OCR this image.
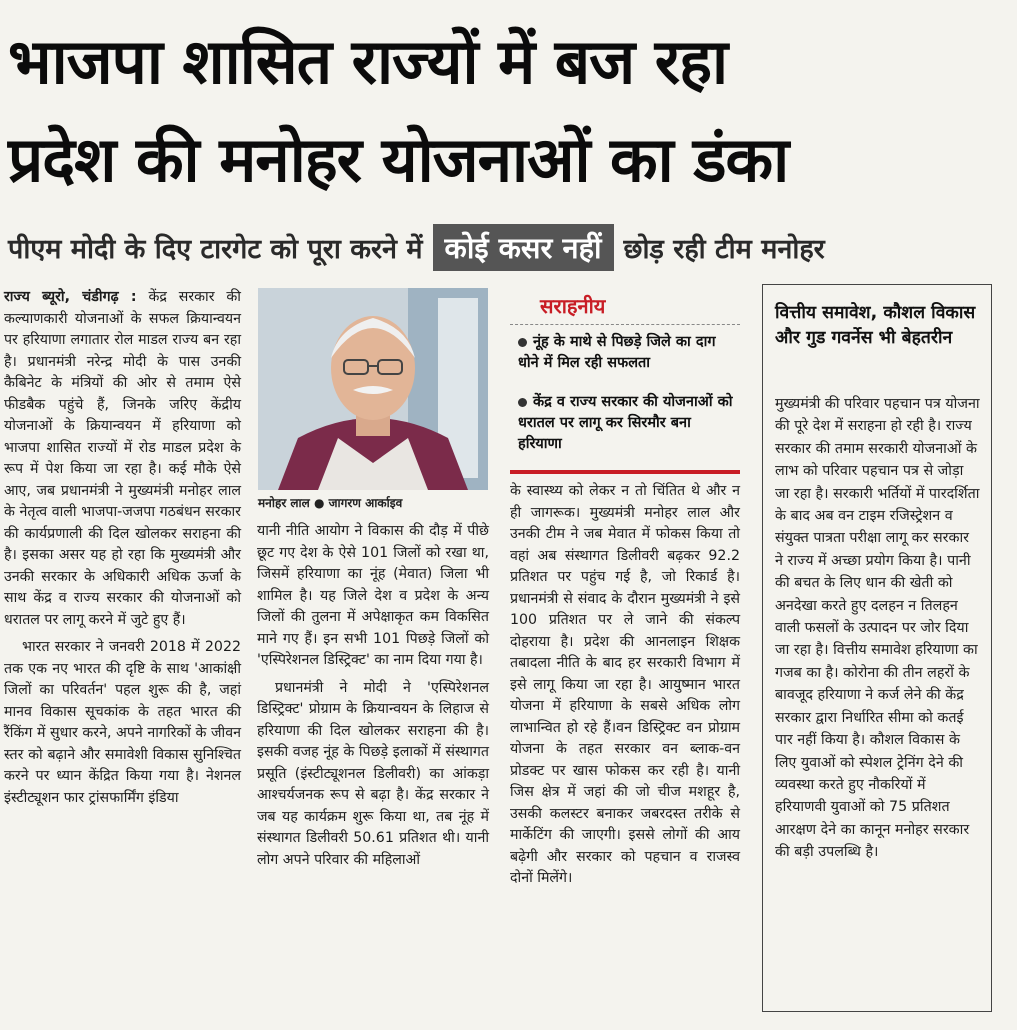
भाजपा शासित राज्यों में बज रहा
प्रदेश की मनोहर योजनाओं का डंका
पीएम मोदी के दिए टारगेट को पूरा करने में कोई कसर नहीं छोड़ रही टीम मनोहर

राज्य ब्यूरो, चंडीगढ़ : केंद्र सरकार की कल्याणकारी योजनाओं के सफल क्रियान्वयन पर हरियाणा लगातार रोल माडल राज्य बन रहा है। प्रधानमंत्री नरेन्द्र मोदी के पास उनकी कैबिनेट के मंत्रियों की ओर से तमाम ऐसे फीडबैक पहुंचे हैं, जिनके जरिए केंद्रीय योजनाओं के क्रियान्वयन में हरियाणा को भाजपा शासित राज्यों में रोड माडल प्रदेश के रूप में पेश किया जा रहा है। कई मौके ऐसे आए, जब प्रधानमंत्री ने मुख्यमंत्री मनोहर लाल के नेतृत्व वाली भाजपा-जजपा गठबंधन सरकार की कार्यप्रणाली की दिल खोलकर सराहना की है। इसका असर यह हो रहा कि मुख्यमंत्री और उनकी सरकार के अधिकारी अधिक ऊर्जा के साथ केंद्र व राज्य सरकार की योजनाओं को धरातल पर लागू करने में जुटे हुए हैं।

भारत सरकार ने जनवरी 2018 में 2022 तक एक नए भारत की दृष्टि के साथ 'आकांक्षी जिलों का परिवर्तन' पहल शुरू की है, जहां मानव विकास सूचकांक के तहत भारत की रैंकिंग में सुधार करने, अपने नागरिकों के जीवन स्तर को बढ़ाने और समावेशी विकास सुनिश्चित करने पर ध्यान केंद्रित किया गया है। नेशनल इंस्टीट्यूशन फार ट्रांसफार्मिंग इंडिया

मनोहर लाल ● जागरण आर्काइव

यानी नीति आयोग ने विकास की दौड़ में पीछे छूट गए देश के ऐसे 101 जिलों को रखा था, जिसमें हरियाणा का नूंह (मेवात) जिला भी शामिल है। यह जिले देश व प्रदेश के अन्य जिलों की तुलना में अपेक्षाकृत कम विकसित माने गए हैं। इन सभी 101 पिछड़े जिलों को 'एस्पिरेशनल डिस्ट्रिक्ट' का नाम दिया गया है।

प्रधानमंत्री ने मोदी ने 'एस्पिरेशनल डिस्ट्रिक्ट' प्रोग्राम के क्रियान्वयन के लिहाज से हरियाणा की दिल खोलकर सराहना की है। इसकी वजह नूंह के पिछड़े इलाकों में संस्थागत प्रसूति (इंस्टीट्यूशनल डिलीवरी) का आंकड़ा आश्चर्यजनक रूप से बढ़ा है। केंद्र सरकार ने जब यह कार्यक्रम शुरू किया था, तब नूंह में संस्थागत डिलीवरी 50.61 प्रतिशत थी। यानी लोग अपने परिवार की महिलाओं

सराहनीय
नूंह के माथे से पिछड़े जिले का दाग धोने में मिल रही सफलता
केंद्र व राज्य सरकार की योजनाओं को धरातल पर लागू कर सिरमौर बना हरियाणा

के स्वास्थ्य को लेकर न तो चिंतित थे और न ही जागरूक। मुख्यमंत्री मनोहर लाल और उनकी टीम ने जब मेवात में फोकस किया तो वहां अब संस्थागत डिलीवरी बढ़कर 92.2 प्रतिशत पर पहुंच गई है, जो रिकार्ड है। प्रधानमंत्री से संवाद के दौरान मुख्यमंत्री ने इसे 100 प्रतिशत पर ले जाने की संकल्प दोहराया है। प्रदेश की आनलाइन शिक्षक तबादला नीति के बाद हर सरकारी विभाग में इसे लागू किया जा रहा है। आयुष्मान भारत योजना में हरियाणा के सबसे अधिक लोग लाभान्वित हो रहे हैं।वन डिस्ट्रिक्ट वन प्रोग्राम योजना के तहत सरकार वन ब्लाक-वन प्रोडक्ट पर खास फोकस कर रही है। यानी जिस क्षेत्र में जहां की जो चीज मशहूर है, उसकी कलस्टर बनाकर जबरदस्त तरीके से मार्केटिंग की जाएगी। इससे लोगों की आय बढ़ेगी और सरकार को पहचान व राजस्व दोनों मिलेंगे।

वित्तीय समावेश, कौशल विकास और गुड गवर्नेस भी बेहतरीन
मुख्यमंत्री की परिवार पहचान पत्र योजना की पूरे देश में सराहना हो रही है। राज्य सरकार की तमाम सरकारी योजनाओं के लाभ को परिवार पहचान पत्र से जोड़ा जा रहा है। सरकारी भर्तियों में पारदर्शिता के बाद अब वन टाइम रजिस्ट्रेशन व संयुक्त पात्रता परीक्षा लागू कर सरकार ने राज्य में अच्छा प्रयोग किया है। पानी की बचत के लिए धान की खेती को अनदेखा करते हुए दलहन न तिलहन वाली फसलों के उत्पादन पर जोर दिया जा रहा है। वित्तीय समावेश हरियाणा का गजब का है। कोरोना की तीन लहरों के बावजूद हरियाणा ने कर्ज लेने की केंद्र सरकार द्वारा निर्धारित सीमा को कतई पार नहीं किया है। कौशल विकास के लिए युवाओं को स्पेशल ट्रेनिंग देने की व्यवस्था करते हुए नौकरियों में हरियाणवी युवाओं को 75 प्रतिशत आरक्षण देने का कानून मनोहर सरकार की बड़ी उपलब्धि है।
